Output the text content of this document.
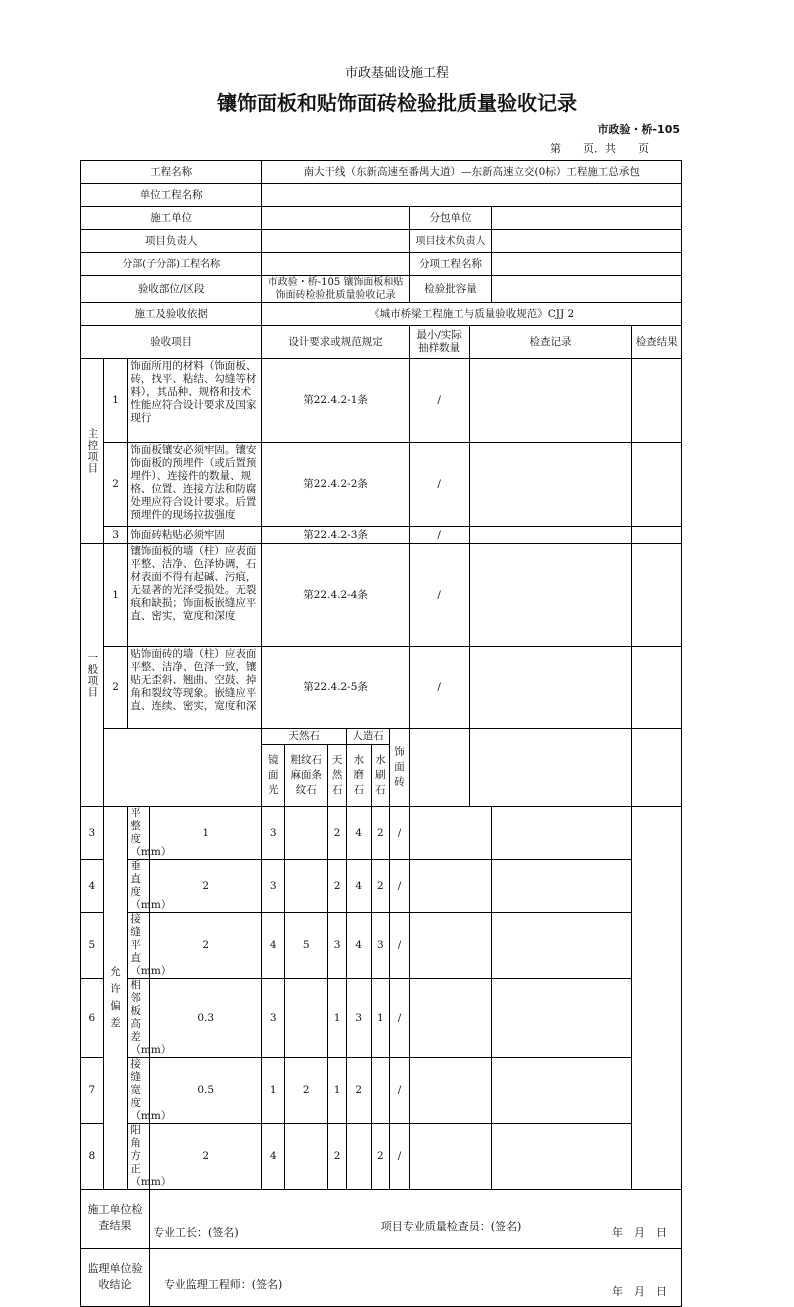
市政基础设施工程
镶饰面板和贴饰面砖检验批质量验收记录
市政验・桥-105
第　　页．共　　页
工程名称				南大干线（东新高速至番禺大道）—东新高速立交(0标）工程施工总承包									
单位工程名称													
施工单位										分包单位			
项目负责人										项目技术负责人			
分部(子分部)工程名称										分项工程名称			
验收部位/区段				市政验・桥-105 镶饰面板和贴饰面砖检验批质量验收记录						检验批容量			
施工及验收依据				《城市桥梁工程施工与质量验收规范》CJJ 2									
验收项目				设计要求或规范规定						最小/实际抽样数量	检查记录		检查结果

主控项目	1	饰面所用的材料（饰面板、砖，找平、粘结、勾缝等材料），其品种、规格和技术性能应符合设计要求及国家现行		第22.4.2-1条						/			
	2	饰面板镶安必须牢固。镶安饰面板的预埋件（或后置预埋件）、连接件的数量、规格、位置、连接方法和防腐处理应符合设计要求。后置预埋件的现场拉拔强度		第22.4.2-2条						/			
	3	饰面砖粘贴必须牢固		第22.4.2-3条						/			

一般项目	1	镶饰面板的墙（柱）应表面平整、洁净、色泽协调，石材表面不得有起碱、污痕，无显著的光泽受损处。无裂痕和缺损；饰面板嵌缝应平直、密实，宽度和深度		第22.4.2-4条						/			
	2	贴饰面砖的墙（柱）应表面平整、洁净、色泽一致，镶贴无歪斜、翘曲、空鼓、掉角和裂纹等现象。嵌缝应平直、连续、密实，宽度和深		第22.4.2-5条						/			
				天然石			人造石		饰面砖				

				镜面光	粗纹石麻面条纹石	天然石	水磨石	水刷石					

3	允许偏差	平整度（mm）	1	3		2	4	2	/				
4		垂直度（mm）	2	3		2	4	2	/				
5		接缝平直（mm）	2	4	5	3	4	3	/				
6		相邻板高差（mm）	0.3	3		1	3	1	/				
7		接缝宽度（mm）	0.5	1	2	1	2		/				
8		阳角方正（mm）	2	4		2		2	/				

施工单位检查结果			专业工长：(签名) 项目专业质量检查员：(签名) 年　月　日										

监理单位验收结论			专业监理工程师：(签名)
年　月　日										
